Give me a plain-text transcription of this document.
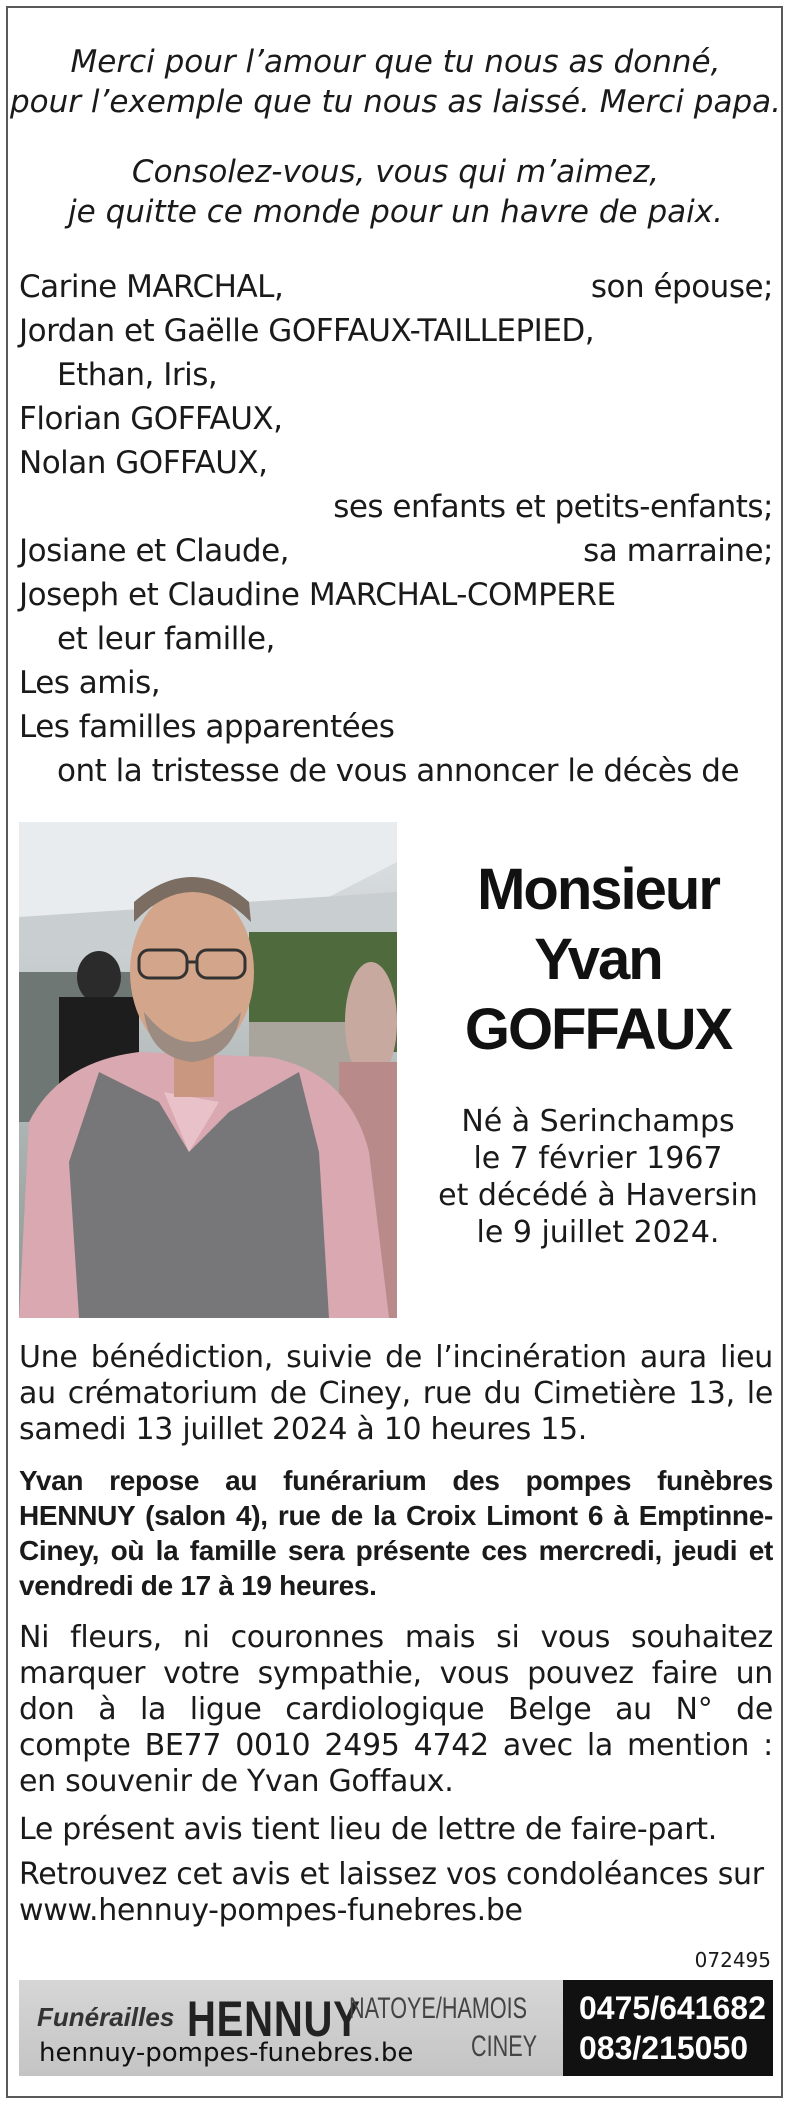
Merci pour l’amour que tu nous as donné,
pour l’exemple que tu nous as laissé. Merci papa.
Consolez-vous, vous qui m’aimez,
je quitte ce monde pour un havre de paix.
Carine MARCHAL,	son épouse;
Jordan et Gaëlle GOFFAUX-TAILLEPIED,
Ethan, Iris,
Florian GOFFAUX,
Nolan GOFFAUX,
ses enfants et petits-enfants;
Josiane et Claude,	sa marraine;
Joseph et Claudine MARCHAL-COMPERE
et leur famille,
Les amis,
Les familles apparentées
ont la tristesse de vous annoncer le décès de
Monsieur
Yvan
GOFFAUX
Né à Serinchamps
le 7 février 1967
et décédé à Haversin
le 9 juillet 2024.
Une bénédiction, suivie de l’incinération aura lieu au crématorium de Ciney, rue du Cimetière 13, le samedi 13 juillet 2024 à 10 heures 15.
Yvan repose au funérarium des pompes funèbres HENNUY (salon 4), rue de la Croix Limont 6 à Emptinne-Ciney, où la famille sera présente ces mercredi, jeudi et vendredi de 17 à 19 heures.
Ni fleurs, ni couronnes mais si vous souhaitez marquer votre sympathie, vous pouvez faire un don à la ligue cardiologique Belge au N° de compte BE77 0010 2495 4742 avec la mention : en souvenir de Yvan Goffaux.
Le présent avis tient lieu de lettre de faire-part.
Retrouvez cet avis et laissez vos condoléances sur
www.hennuy-pompes-funebres.be
072495
Funérailles HENNUY
NATOYE/HAMOIS
CINEY
hennuy-pompes-funebres.be
0475/641682
083/215050
